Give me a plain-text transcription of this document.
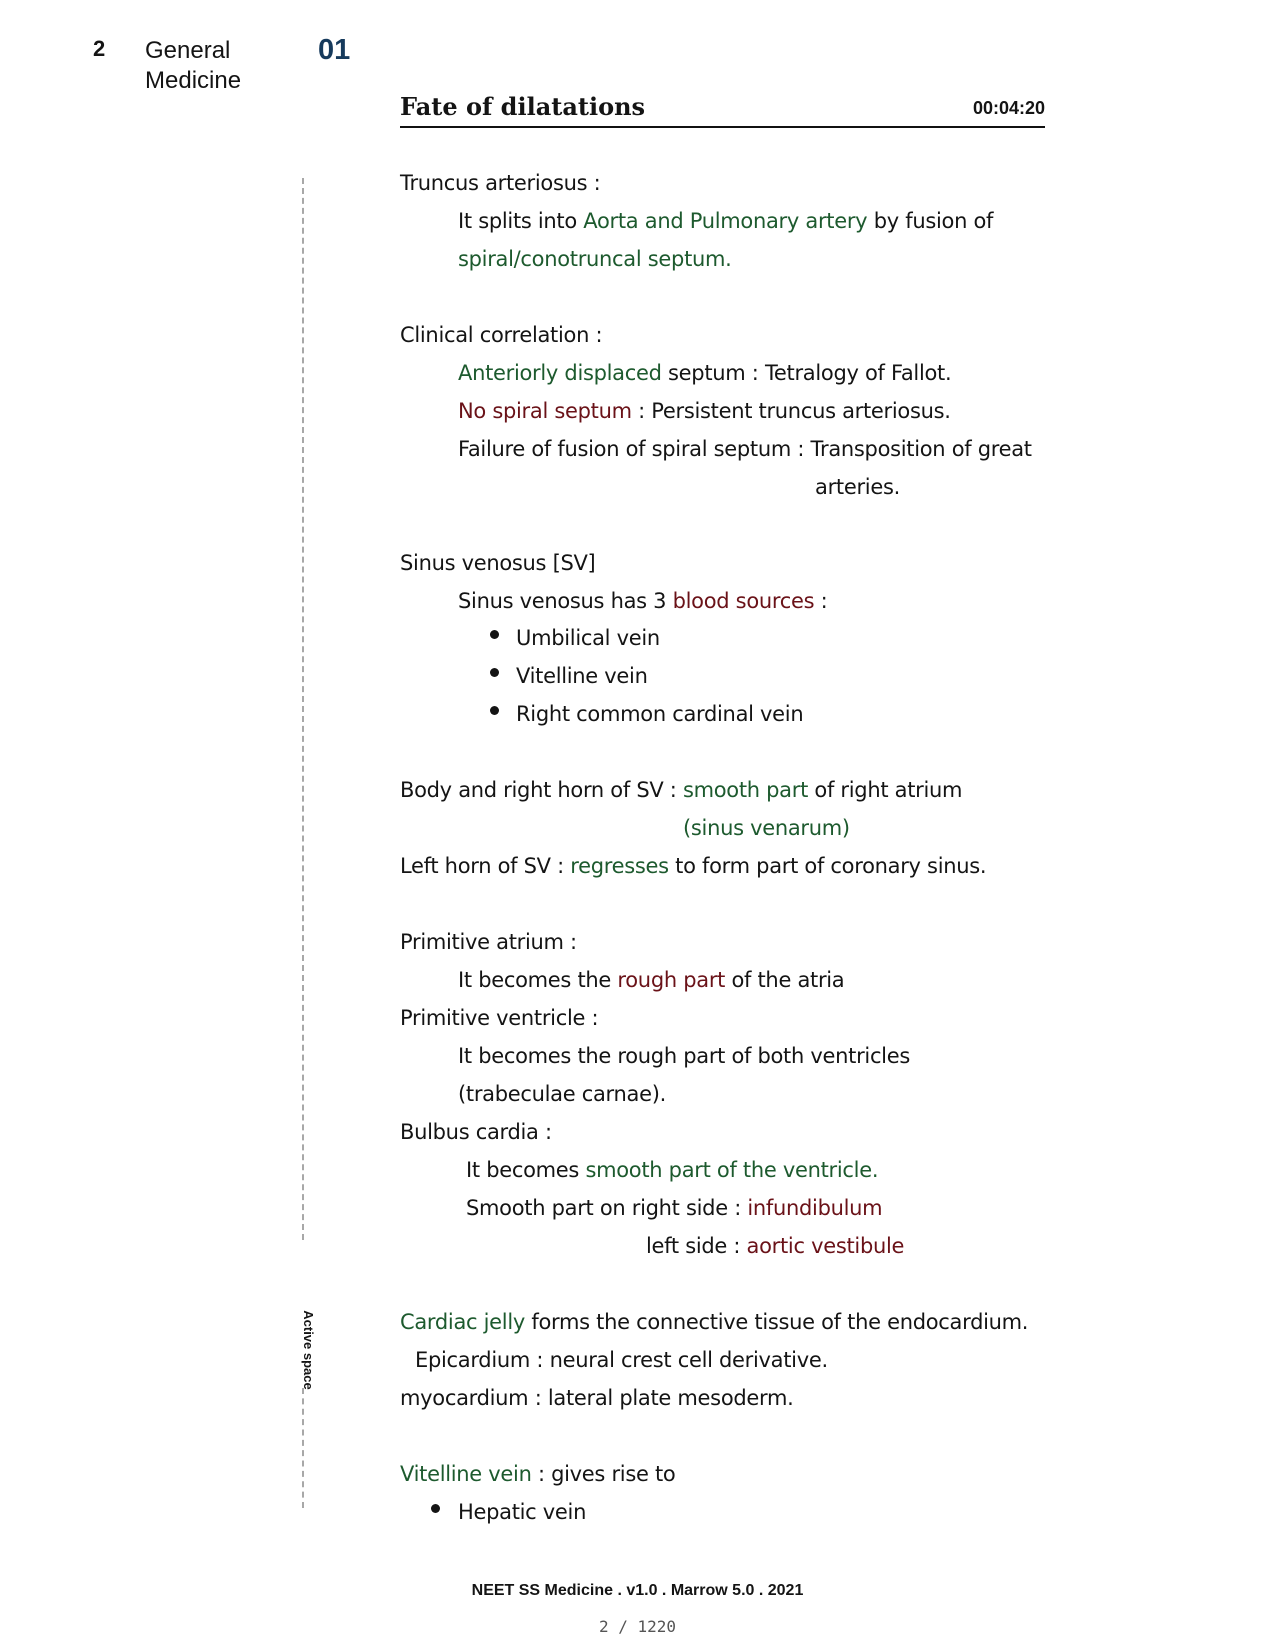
2 General Medicine
01
Fate of dilatations	00:04:20
Active space
Truncus arteriosus :
It splits into Aorta and Pulmonary artery by fusion of
spiral/conotruncal septum.
Clinical correlation :
Anteriorly displaced septum : Tetralogy of Fallot.
No spiral septum : Persistent truncus arteriosus.
Failure of fusion of spiral septum : Transposition of great
arteries.
Sinus venosus [SV]
Sinus venosus has 3 blood sources :
Umbilical vein
Vitelline vein
Right common cardinal vein
Body and right horn of SV : smooth part of right atrium
(sinus venarum)
Left horn of SV : regresses to form part of coronary sinus.
Primitive atrium :
It becomes the rough part of the atria
Primitive ventricle :
It becomes the rough part of both ventricles
(trabeculae carnae).
Bulbus cardia :
It becomes smooth part of the ventricle.
Smooth part on right side : infundibulum
left side : aortic vestibule
Cardiac jelly forms the connective tissue of the endocardium.
Epicardium : neural crest cell derivative.
myocardium : lateral plate mesoderm.
Vitelline vein : gives rise to
Hepatic vein
NEET SS Medicine . v1.0 . Marrow 5.0 . 2021
2 / 1220
